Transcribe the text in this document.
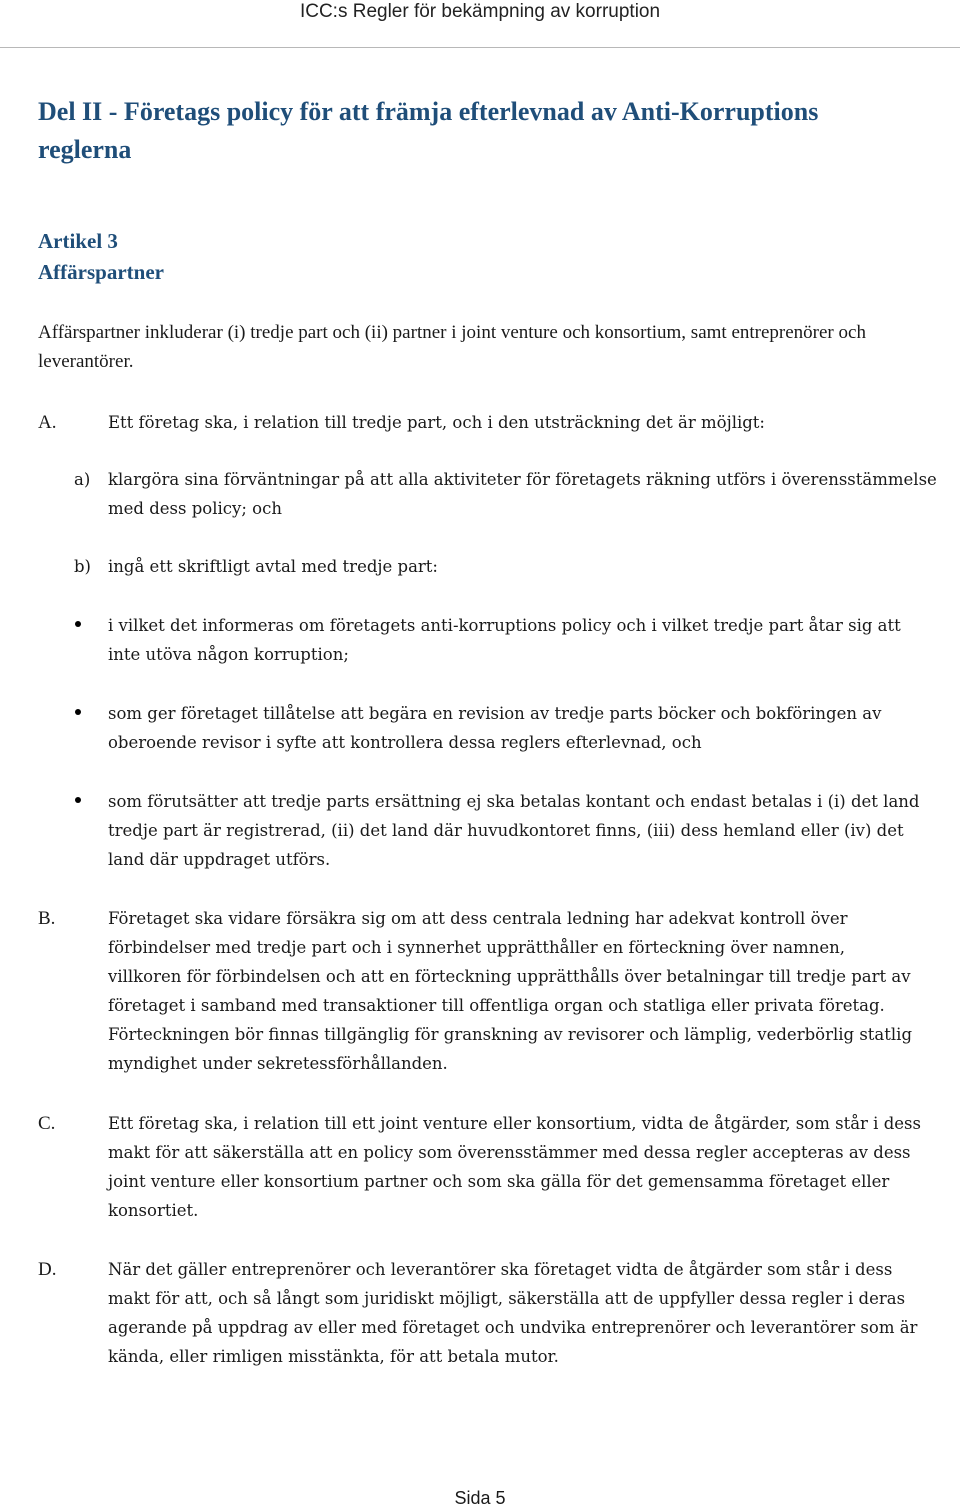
ICC:s Regler för bekämpning av korruption
Del II - Företags policy för att främja efterlevnad av Anti-Korruptions reglerna
Artikel 3
Affärspartner

Affärspartner inkluderar (i) tredje part och (ii) partner i joint venture och konsortium, samt entreprenörer och leverantörer.

A.	Ett företag ska, i relation till tredje part, och i den utsträckning det är möjligt:

a) klargöra sina förväntningar på att alla aktiviteter för företagets räkning utförs i överensstämmelse med dess policy; och

b) ingå ett skriftligt avtal med tredje part:

i vilket det informeras om företagets anti-korruptions policy och i vilket tredje part åtar sig att inte utöva någon korruption;

som ger företaget tillåtelse att begära en revision av tredje parts böcker och bokföringen av oberoende revisor i syfte att kontrollera dessa reglers efterlevnad, och

som förutsätter att tredje parts ersättning ej ska betalas kontant och endast betalas i (i) det land tredje part är registrerad, (ii) det land där huvudkontoret finns, (iii) dess hemland eller (iv) det land där uppdraget utförs.

B.	Företaget ska vidare försäkra sig om att dess centrala ledning har adekvat kontroll över förbindelser med tredje part och i synnerhet upprätthåller en förteckning över namnen, villkoren för förbindelsen och att en förteckning upprätthålls över betalningar till tredje part av företaget i samband med transaktioner till offentliga organ och statliga eller privata företag. Förteckningen bör finnas tillgänglig för granskning av revisorer och lämplig, vederbörlig statlig myndighet under sekretessförhållanden.

C.	Ett företag ska, i relation till ett joint venture eller konsortium, vidta de åtgärder, som står i dess makt för att säkerställa att en policy som överensstämmer med dessa regler accepteras av dess joint venture eller konsortium partner och som ska gälla för det gemensamma företaget eller konsortiet.

D.	När det gäller entreprenörer och leverantörer ska företaget vidta de åtgärder som står i dess makt för att, och så långt som juridiskt möjligt, säkerställa att de uppfyller dessa regler i deras agerande på uppdrag av eller med företaget och undvika entreprenörer och leverantörer som är kända, eller rimligen misstänkta, för att betala mutor.

Sida 5
